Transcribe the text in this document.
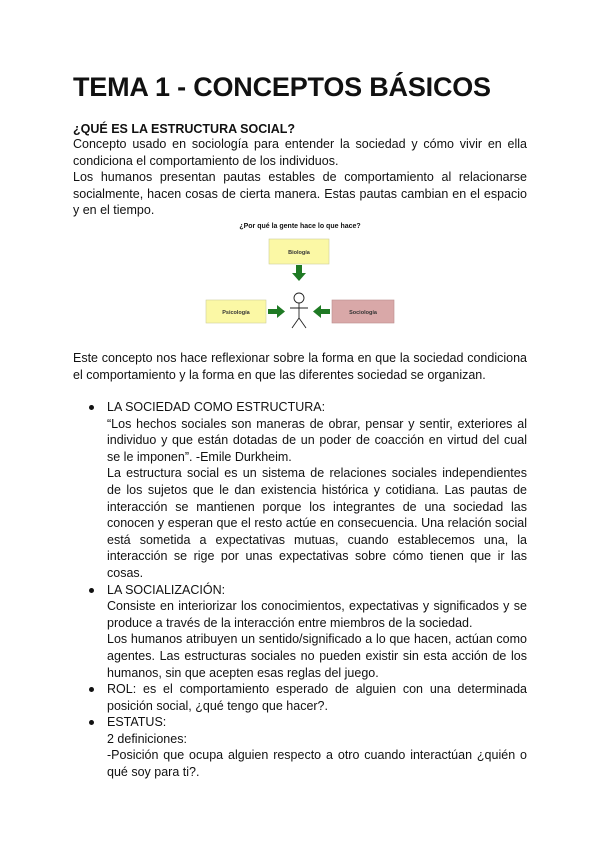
TEMA 1 - CONCEPTOS BÁSICOS
¿QUÉ ES LA ESTRUCTURA SOCIAL?

Concepto usado en sociología para entender la sociedad y cómo vivir en ella condiciona el comportamiento de los individuos.

Los humanos presentan pautas estables de comportamiento al relacionarse socialmente, hacen cosas de cierta manera. Estas pautas cambian en el espacio y en el tiempo.

¿Por qué la gente hace lo que hace?
Biología
Psicología	Sociología

Este concepto nos hace reflexionar sobre la forma en que la sociedad condiciona el comportamiento y la forma en que las diferentes sociedad se organizan.

LA SOCIEDAD COMO ESTRUCTURA:

“Los hechos sociales son maneras de obrar, pensar y sentir, exteriores al individuo y que están dotadas de un poder de coacción en virtud del cual se le imponen”. -Emile Durkheim.

La estructura social es un sistema de relaciones sociales independientes de los sujetos que le dan existencia histórica y cotidiana. Las pautas de interacción se mantienen porque los integrantes de una sociedad las conocen y esperan que el resto actúe en consecuencia. Una relación social está sometida a expectativas mutuas, cuando establecemos una, la interacción se rige por unas expectativas sobre cómo tienen que ir las cosas.

LA SOCIALIZACIÓN:

Consiste en interiorizar los conocimientos, expectativas y significados y se produce a través de la interacción entre miembros de la sociedad.

Los humanos atribuyen un sentido/significado a lo que hacen, actúan como agentes. Las estructuras sociales no pueden existir sin esta acción de los humanos, sin que acepten esas reglas del juego.

ROL: es el comportamiento esperado de alguien con una determinada posición social, ¿qué tengo que hacer?.

ESTATUS:

2 definiciones:

-Posición que ocupa alguien respecto a otro cuando interactúan ¿quién o qué soy para ti?.
